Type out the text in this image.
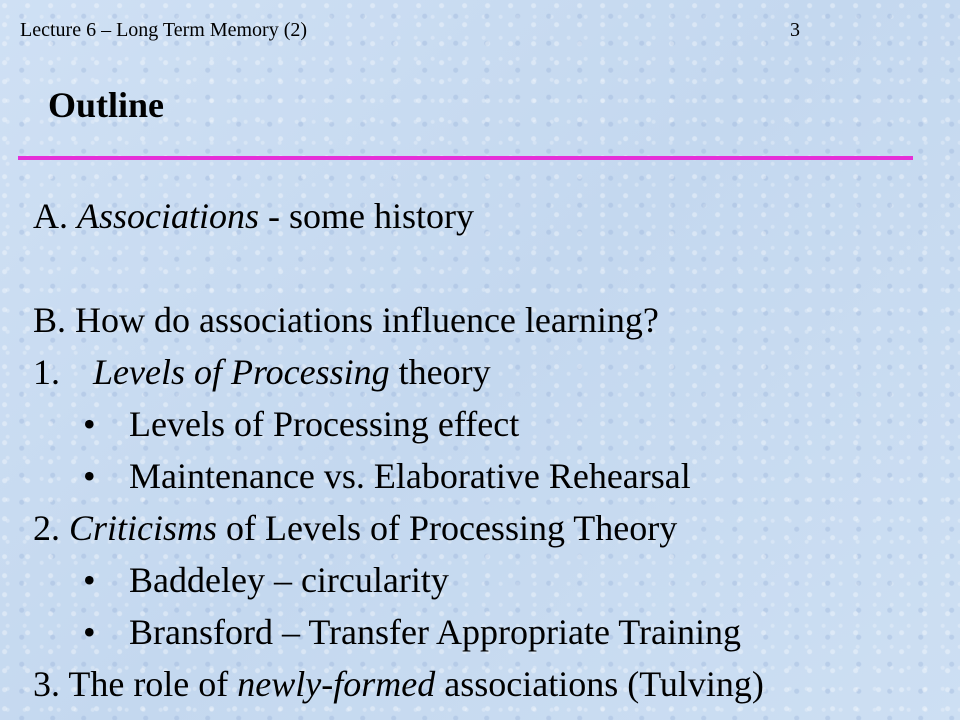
Lecture 6 – Long Term Memory (2)	3
Outline
A. Associations - some history
B. How do associations influence learning?
1. Levels of Processing theory
• Levels of Processing effect
• Maintenance vs. Elaborative Rehearsal
2. Criticisms of Levels of Processing Theory
• Baddeley – circularity
• Bransford – Transfer Appropriate Training
3. The role of newly-formed associations (Tulving)
